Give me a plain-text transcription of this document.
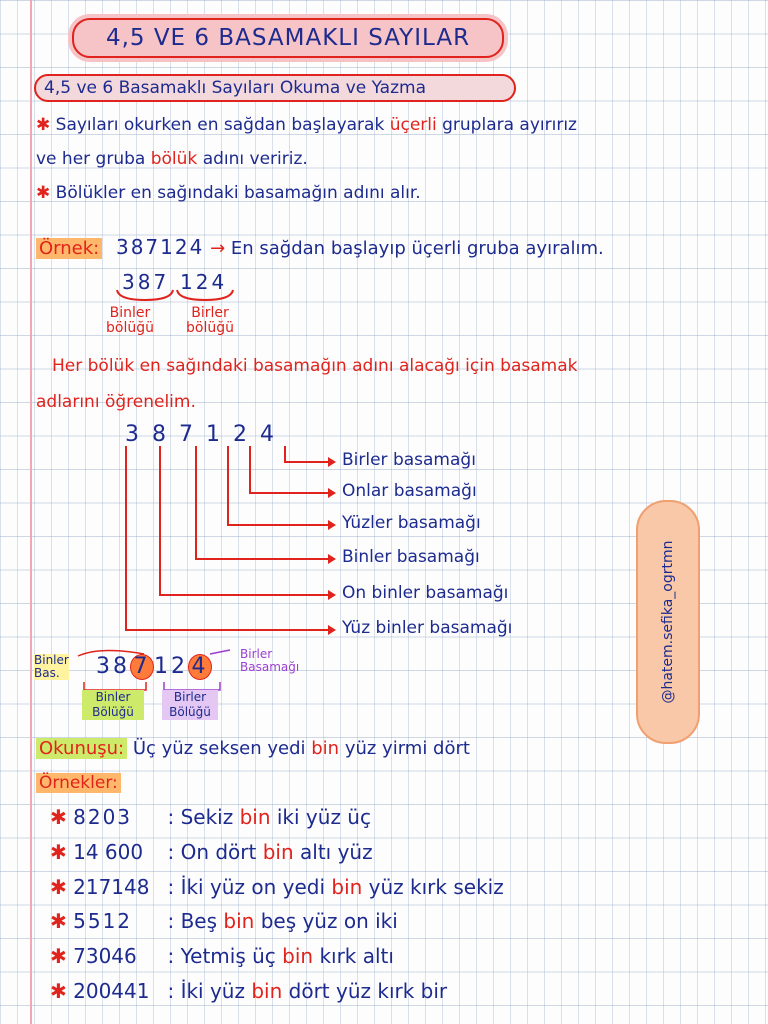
4,5 VE 6 BASAMAKLI SAYILAR
4,5 ve 6 Basamaklı Sayıları Okuma ve Yazma
✱ Sayıları okurken en sağdan başlayarak üçerli gruplara ayırırız
ve her gruba bölük adını veririz.
✱ Bölükler en sağındaki basamağın adını alır.
Örnek: 387124 → En sağdan başlayıp üçerli gruba ayıralım.
387 124
Binler
bölüğü
Birler
bölüğü
Her bölük en sağındaki basamağın adını alacağı için basamak
adlarını öğrenelim.
3 8 7 1 2 4
Birler basamağı
Onlar basamağı
Yüzler basamağı
Binler basamağı
On binler basamağı
Yüz binler basamağı	@hatem.sefika_ogrtmn
Binler
Bas.	38 7 12 4	Birler
Basamağı
Binler
Bölüğü
Birler
Bölüğü
Okunuşu: Üç yüz seksen yedi bin yüz yirmi dört
Örnekler:
✱ 8203 : Sekiz bin iki yüz üç
✱ 14 600 : On dört bin altı yüz
✱ 217148 : İki yüz on yedi bin yüz kırk sekiz
✱ 5512 : Beş bin beş yüz on iki
✱ 73046 : Yetmiş üç bin kırk altı
✱ 200441 : İki yüz bin dört yüz kırk bir
